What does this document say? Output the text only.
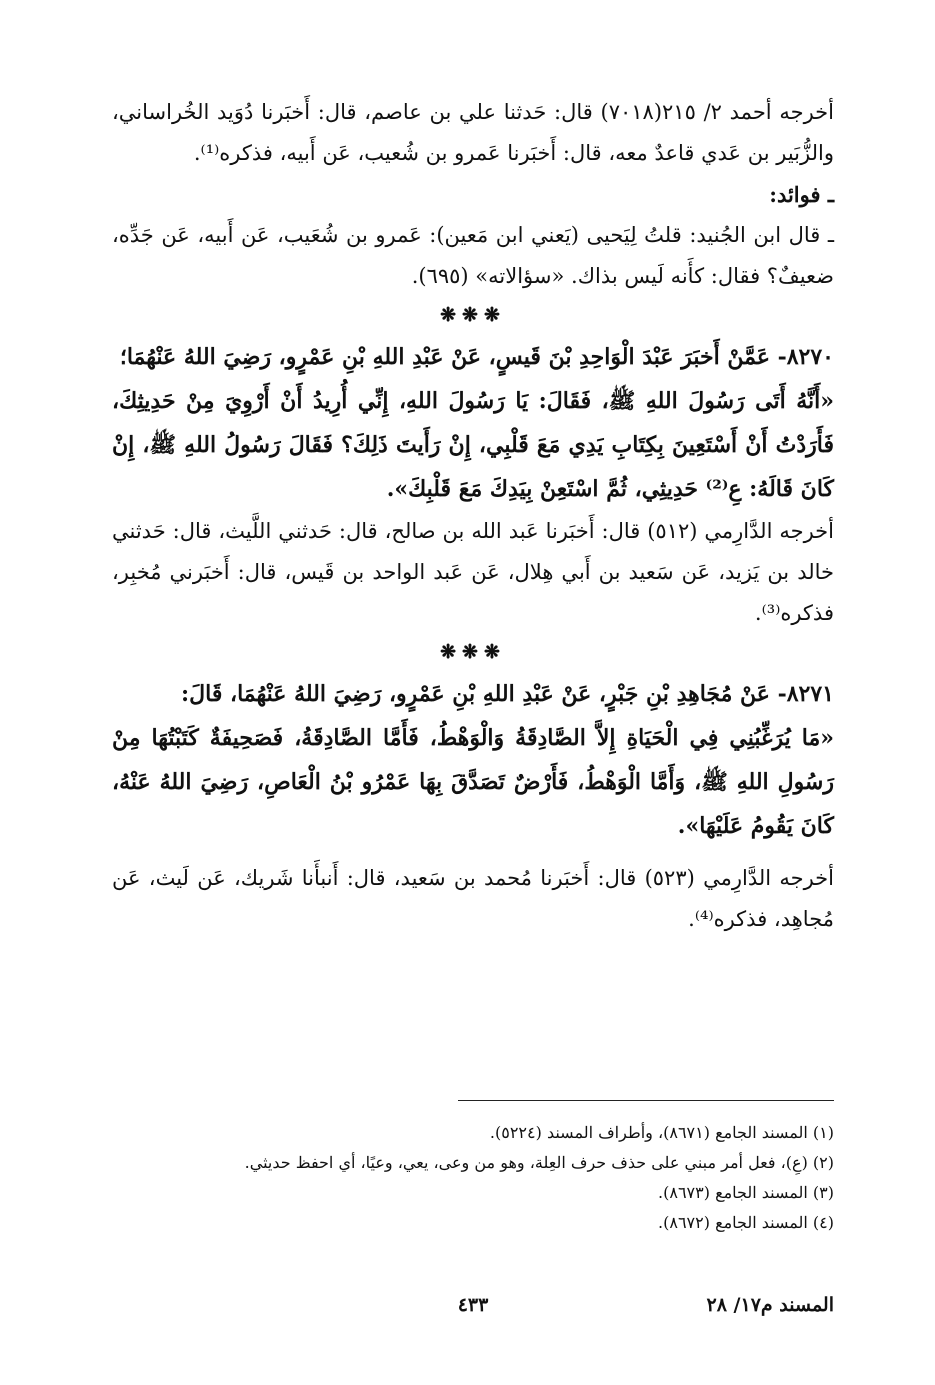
أخرجه أحمد ٢/ ٢١٥(٧٠١٨) قال: حَدثنا علي بن عاصم، قال: أَخبَرنا دُوَيد الخُراساني، والزُّبَير بن عَدي قاعدٌ معه، قال: أَخبَرنا عَمرو بن شُعيب، عَن أَبيه، فذكره⁽¹⁾.

ـ فوائد:

ـ قال ابن الجُنيد: قلتُ لِيَحيى (يَعني ابن مَعين): عَمرو بن شُعَيب، عَن أَبيه، عَن جَدِّه، ضعيفٌ؟ فقال: كأَنه لَيس بذاك. «سؤالاته» (٦٩٥).

❋❋❋

٨٢٧٠- عَمَّنْ أَخبَرَ عَبْدَ الْوَاحِدِ بْنَ قَيسٍ، عَنْ عَبْدِ اللهِ بْنِ عَمْرٍو، رَضِيَ اللهُ عَنْهُمَا؛

«أَنَّهُ أَتَى رَسُولَ اللهِ ﷺ، فَقَالَ: يَا رَسُولَ اللهِ، إِنِّي أُرِيدُ أَنْ أَرْوِيَ مِنْ حَدِيثِكَ، فَأَرَدْتُ أَنْ أَسْتَعِينَ بِكِتَابِ يَدِي مَعَ قَلْبِي، إِنْ رَأَيتَ ذَلِكَ؟ فَقَالَ رَسُولُ اللهِ ﷺ، إِنْ كَانَ قَالَهُ: عِ⁽²⁾ حَدِيثِي، ثُمَّ اسْتَعِنْ بِيَدِكَ مَعَ قَلْبِكَ».

أخرجه الدَّارِمي (٥١٢) قال: أَخبَرنا عَبد الله بن صالح، قال: حَدثني اللَّيث، قال: حَدثني خالد بن يَزيد، عَن سَعيد بن أَبي هِلال، عَن عَبد الواحد بن قَيس، قال: أَخبَرني مُخبِر، فذكره⁽³⁾.

❋❋❋

٨٢٧١- عَنْ مُجَاهِدِ بْنِ جَبْرٍ، عَنْ عَبْدِ اللهِ بْنِ عَمْرٍو، رَضِيَ اللهُ عَنْهُمَا، قَالَ:

«مَا يُرَغِّبُنِي فِي الْحَيَاةِ إِلاَّ الصَّادِقَةُ وَالْوَهْطُ، فَأَمَّا الصَّادِقَةُ، فَصَحِيفَةٌ كَتَبْتُهَا مِنْ رَسُولِ اللهِ ﷺ، وَأَمَّا الْوَهْطُ، فَأَرْضٌ تَصَدَّقَ بِهَا عَمْرُو بْنُ الْعَاصِ، رَضِيَ اللهُ عَنْهُ، كَانَ يَقُومُ عَلَيْهَا».

أخرجه الدَّارِمي (٥٢٣) قال: أَخبَرنا مُحمد بن سَعيد، قال: أَنبأَنا شَريك، عَن لَيث، عَن مُجاهِد، فذكره⁽⁴⁾.

(١) المسند الجامع (٨٦٧١)، وأطراف المسند (٥٢٢٤).
(٢) (عِ)، فعل أمر مبني على حذف حرف العِلة، وهو من وعى، يعي، وعيًا، أي احفظ حديثي.
(٣) المسند الجامع (٨٦٧٣).
(٤) المسند الجامع (٨٦٧٢).
المسند م١٧/ ٢٨
٤٣٣
